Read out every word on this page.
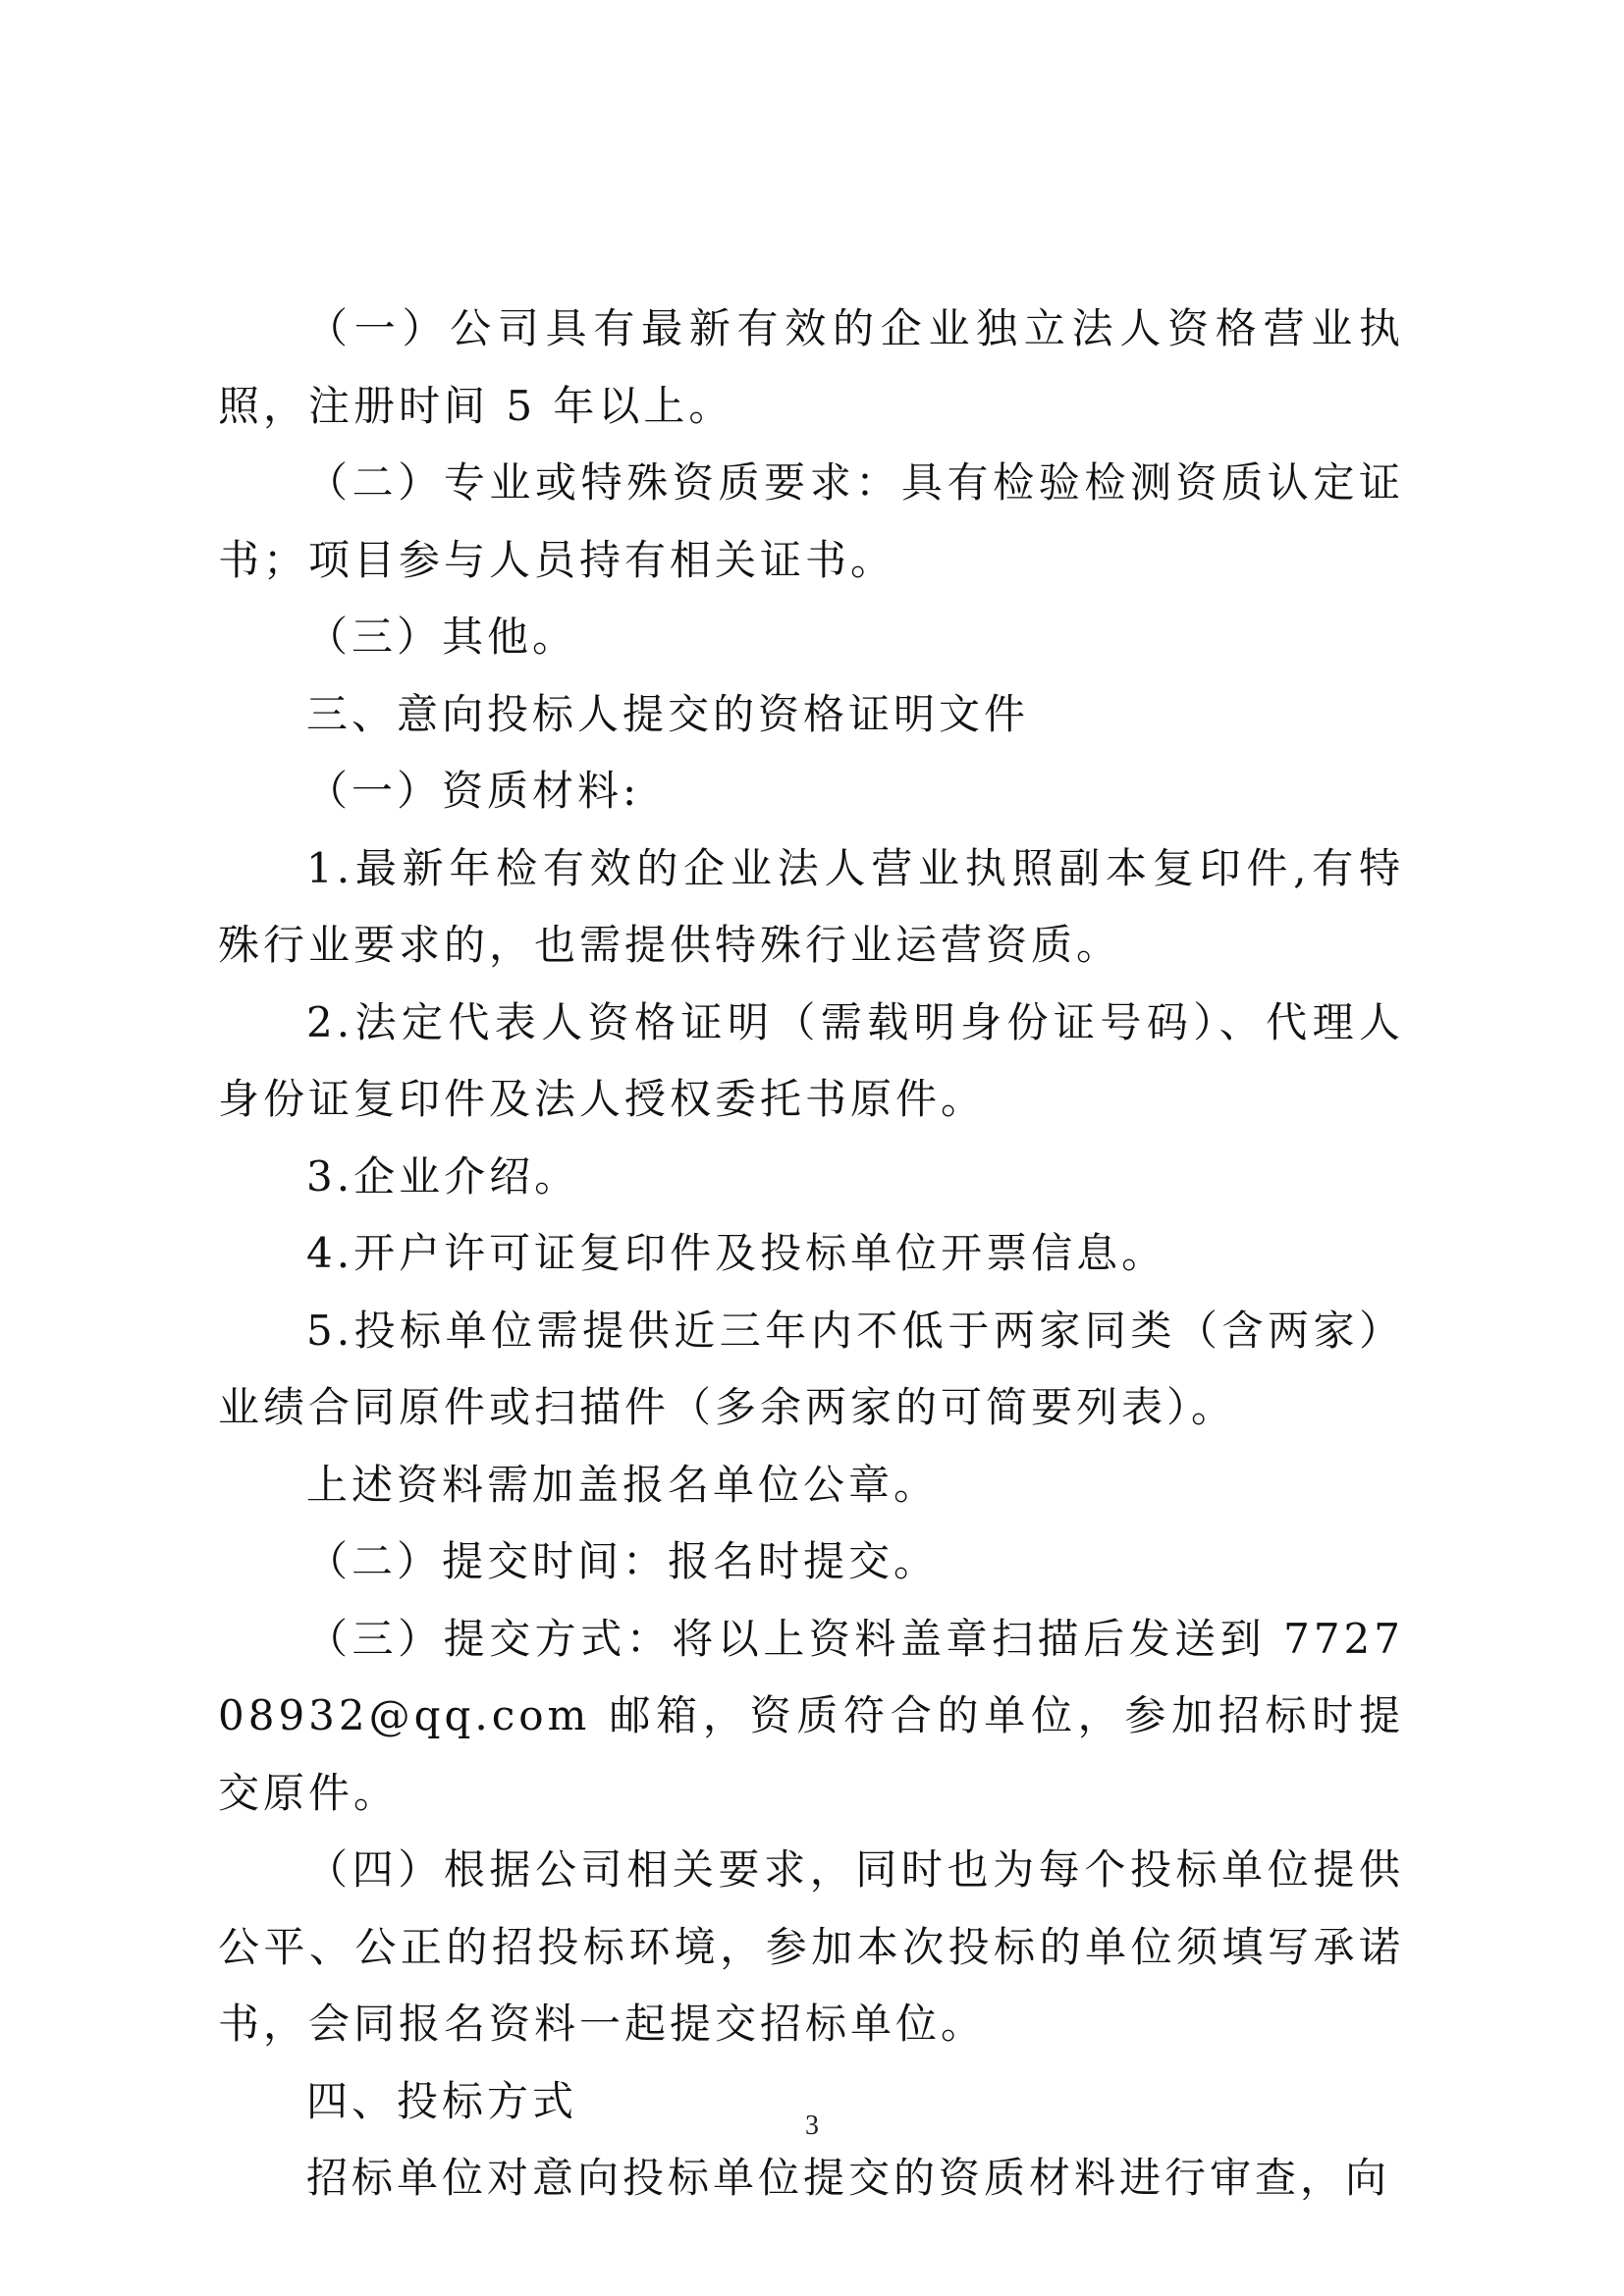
（一）公司具有最新有效的企业独立法人资格营业执照，注册时间 5 年以上。

（二）专业或特殊资质要求：具有检验检测资质认定证书；项目参与人员持有相关证书。

（三）其他。

三、意向投标人提交的资格证明文件

（一）资质材料:

1.最新年检有效的企业法人营业执照副本复印件,有特殊行业要求的，也需提供特殊行业运营资质。

2.法定代表人资格证明（需载明身份证号码）、代理人身份证复印件及法人授权委托书原件。

3.企业介绍。

4.开户许可证复印件及投标单位开票信息。

5.投标单位需提供近三年内不低于两家同类（含两家）业绩合同原件或扫描件（多余两家的可简要列表）。

上述资料需加盖报名单位公章。

（二）提交时间：报名时提交。

（三）提交方式：将以上资料盖章扫描后发送到 772708932@qq.com 邮箱，资质符合的单位，参加招标时提交原件。

（四）根据公司相关要求，同时也为每个投标单位提供公平、公正的招投标环境，参加本次投标的单位须填写承诺书，会同报名资料一起提交招标单位。

四、投标方式

招标单位对意向投标单位提交的资质材料进行审查，向

3
